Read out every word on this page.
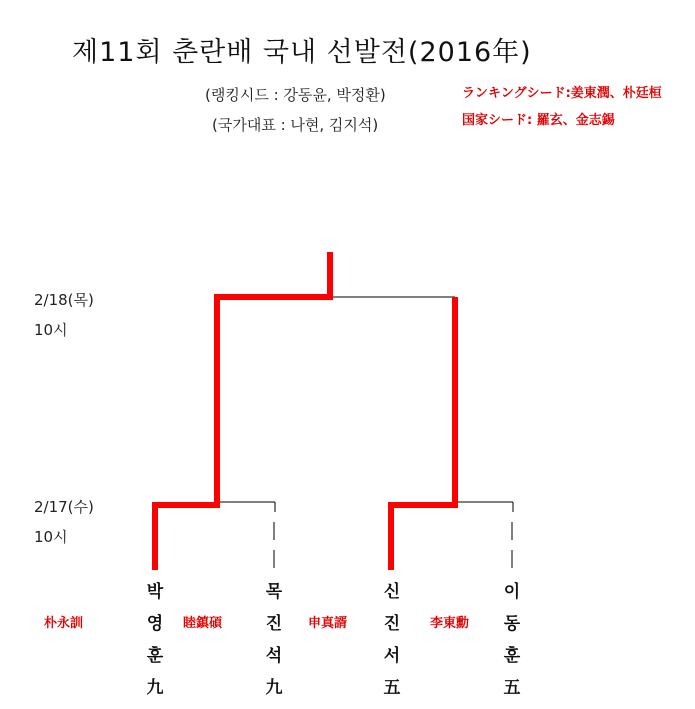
제11회 춘란배 국내 선발전(2016年)
(랭킹시드 : 강동윤, 박정환)
(국가대표 : 나현, 김지석)
ランキングシード:姜東潤、朴廷桓
国家シード: 羅玄、金志錫
2/18(목)
10시
2/17(수)
10시
박
영
훈
九
목
진
석
九
신
진
서
五
이
동
훈
五
朴永訓	睦鎮碩	申真諝	李東勳
